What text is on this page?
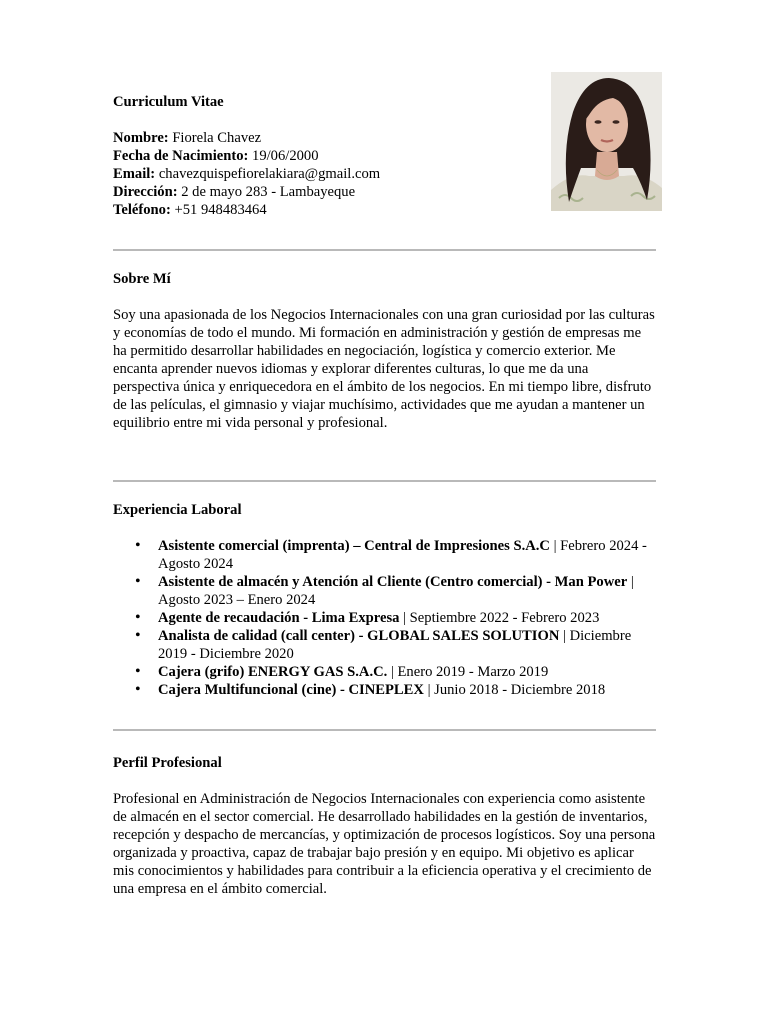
Curriculum Vitae
Nombre: Fiorela Chavez
Fecha de Nacimiento: 19/06/2000
Email: chavezquispefiorelakiara@gmail.com
Dirección: 2 de mayo 283 - Lambayeque
Teléfono: +51 948483464
Sobre Mí
Soy una apasionada de los Negocios Internacionales con una gran curiosidad por las culturas y economías de todo el mundo. Mi formación en administración y gestión de empresas me ha permitido desarrollar habilidades en negociación, logística y comercio exterior. Me encanta aprender nuevos idiomas y explorar diferentes culturas, lo que me da una perspectiva única y enriquecedora en el ámbito de los negocios. En mi tiempo libre, disfruto de las películas, el gimnasio y viajar muchísimo, actividades que me ayudan a mantener un equilibrio entre mi vida personal y profesional.
Experiencia Laboral
• Asistente comercial (imprenta) – Central de Impresiones S.A.C | Febrero 2024 - Agosto 2024
• Asistente de almacén y Atención al Cliente (Centro comercial) - Man Power | Agosto 2023 – Enero 2024
• Agente de recaudación - Lima Expresa | Septiembre 2022 - Febrero 2023
• Analista de calidad (call center) - GLOBAL SALES SOLUTION | Diciembre 2019 - Diciembre 2020
• Cajera (grifo) ENERGY GAS S.A.C. | Enero 2019 - Marzo 2019
• Cajera Multifuncional (cine) - CINEPLEX | Junio 2018 - Diciembre 2018
Perfil Profesional
Profesional en Administración de Negocios Internacionales con experiencia como asistente de almacén en el sector comercial. He desarrollado habilidades en la gestión de inventarios, recepción y despacho de mercancías, y optimización de procesos logísticos. Soy una persona organizada y proactiva, capaz de trabajar bajo presión y en equipo. Mi objetivo es aplicar mis conocimientos y habilidades para contribuir a la eficiencia operativa y el crecimiento de una empresa en el ámbito comercial.
